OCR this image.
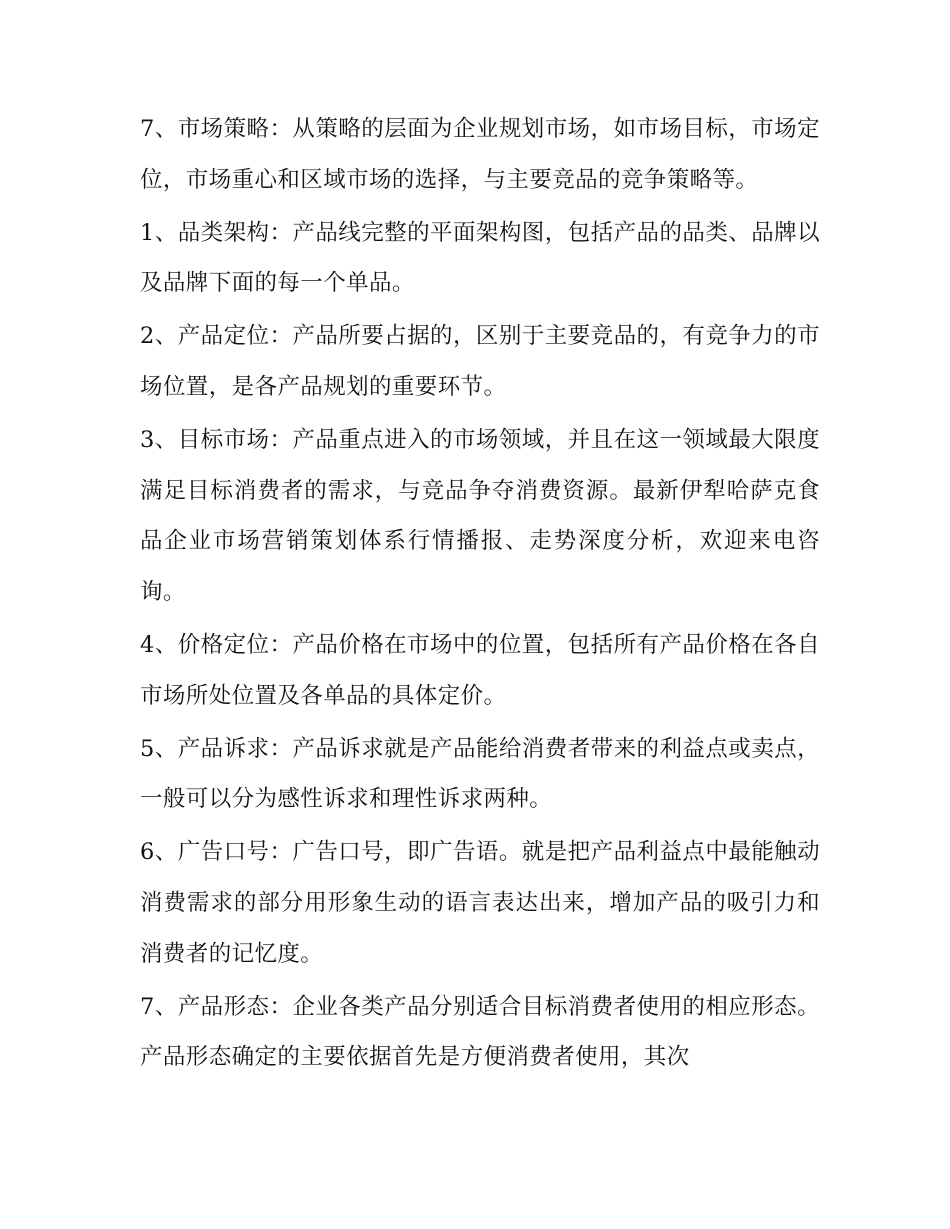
7、市场策略：从策略的层面为企业规划市场，如市场目标，市场定位，市场重心和区域市场的选择，与主要竞品的竞争策略等。

1、品类架构：产品线完整的平面架构图，包括产品的品类、品牌以及品牌下面的每一个单品。

2、产品定位：产品所要占据的，区别于主要竞品的，有竞争力的市场位置，是各产品规划的重要环节。

3、目标市场：产品重点进入的市场领域，并且在这一领域最大限度满足目标消费者的需求，与竞品争夺消费资源。最新伊犁哈萨克食品企业市场营销策划体系行情播报、走势深度分析，欢迎来电咨询。

4、价格定位：产品价格在市场中的位置，包括所有产品价格在各自市场所处位置及各单品的具体定价。

5、产品诉求：产品诉求就是产品能给消费者带来的利益点或卖点，一般可以分为感性诉求和理性诉求两种。

6、广告口号：广告口号，即广告语。就是把产品利益点中最能触动消费需求的部分用形象生动的语言表达出来，增加产品的吸引力和消费者的记忆度。

7、产品形态：企业各类产品分别适合目标消费者使用的相应形态。产品形态确定的主要依据首先是方便消费者使用，其次
